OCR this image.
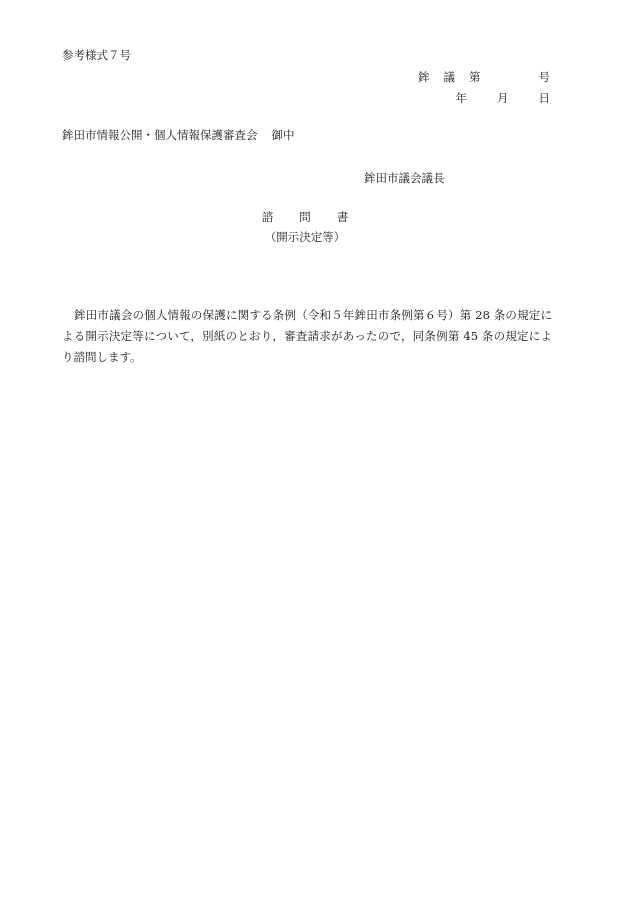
参考様式７号
鉾 議 第	号
年	月	日
鉾田市情報公開・個人情報保護審査会 御中
鉾田市議会議長
諮 問 書
（開示決定等）
鉾田市議会の個人情報の保護に関する条例（令和５年鉾田市条例第６号）第 28 条の規定による開示決定等について，別紙のとおり，審査請求があったので，同条例第 45 条の規定により諮問します。
